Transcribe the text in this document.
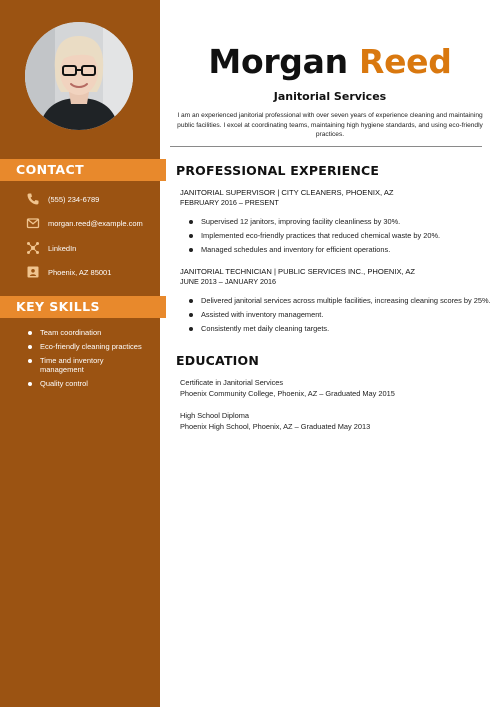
CONTACT
(555) 234-6789
morgan.reed@example.com
LinkedIn
Phoenix, AZ 85001
KEY SKILLS
Team coordination
Eco-friendly cleaning practices
Time and inventory management
Quality control
Morgan Reed
Janitorial Services
I am an experienced janitorial professional with over seven years of experience cleaning and maintaining public facilities. I excel at coordinating teams, maintaining high hygiene standards, and using eco-friendly practices.
PROFESSIONAL EXPERIENCE
JANITORIAL SUPERVISOR | CITY CLEANERS, PHOENIX, AZ
FEBRUARY 2016 – PRESENT
Supervised 12 janitors, improving facility cleanliness by 30%.
Implemented eco-friendly practices that reduced chemical waste by 20%.
Managed schedules and inventory for efficient operations.
JANITORIAL TECHNICIAN | PUBLIC SERVICES INC., PHOENIX, AZ
JUNE 2013 – JANUARY 2016
Delivered janitorial services across multiple facilities, increasing cleaning scores by 25%.
Assisted with inventory management.
Consistently met daily cleaning targets.
EDUCATION
Certificate in Janitorial Services
Phoenix Community College, Phoenix, AZ – Graduated May 2015
High School Diploma
Phoenix High School, Phoenix, AZ – Graduated May 2013
